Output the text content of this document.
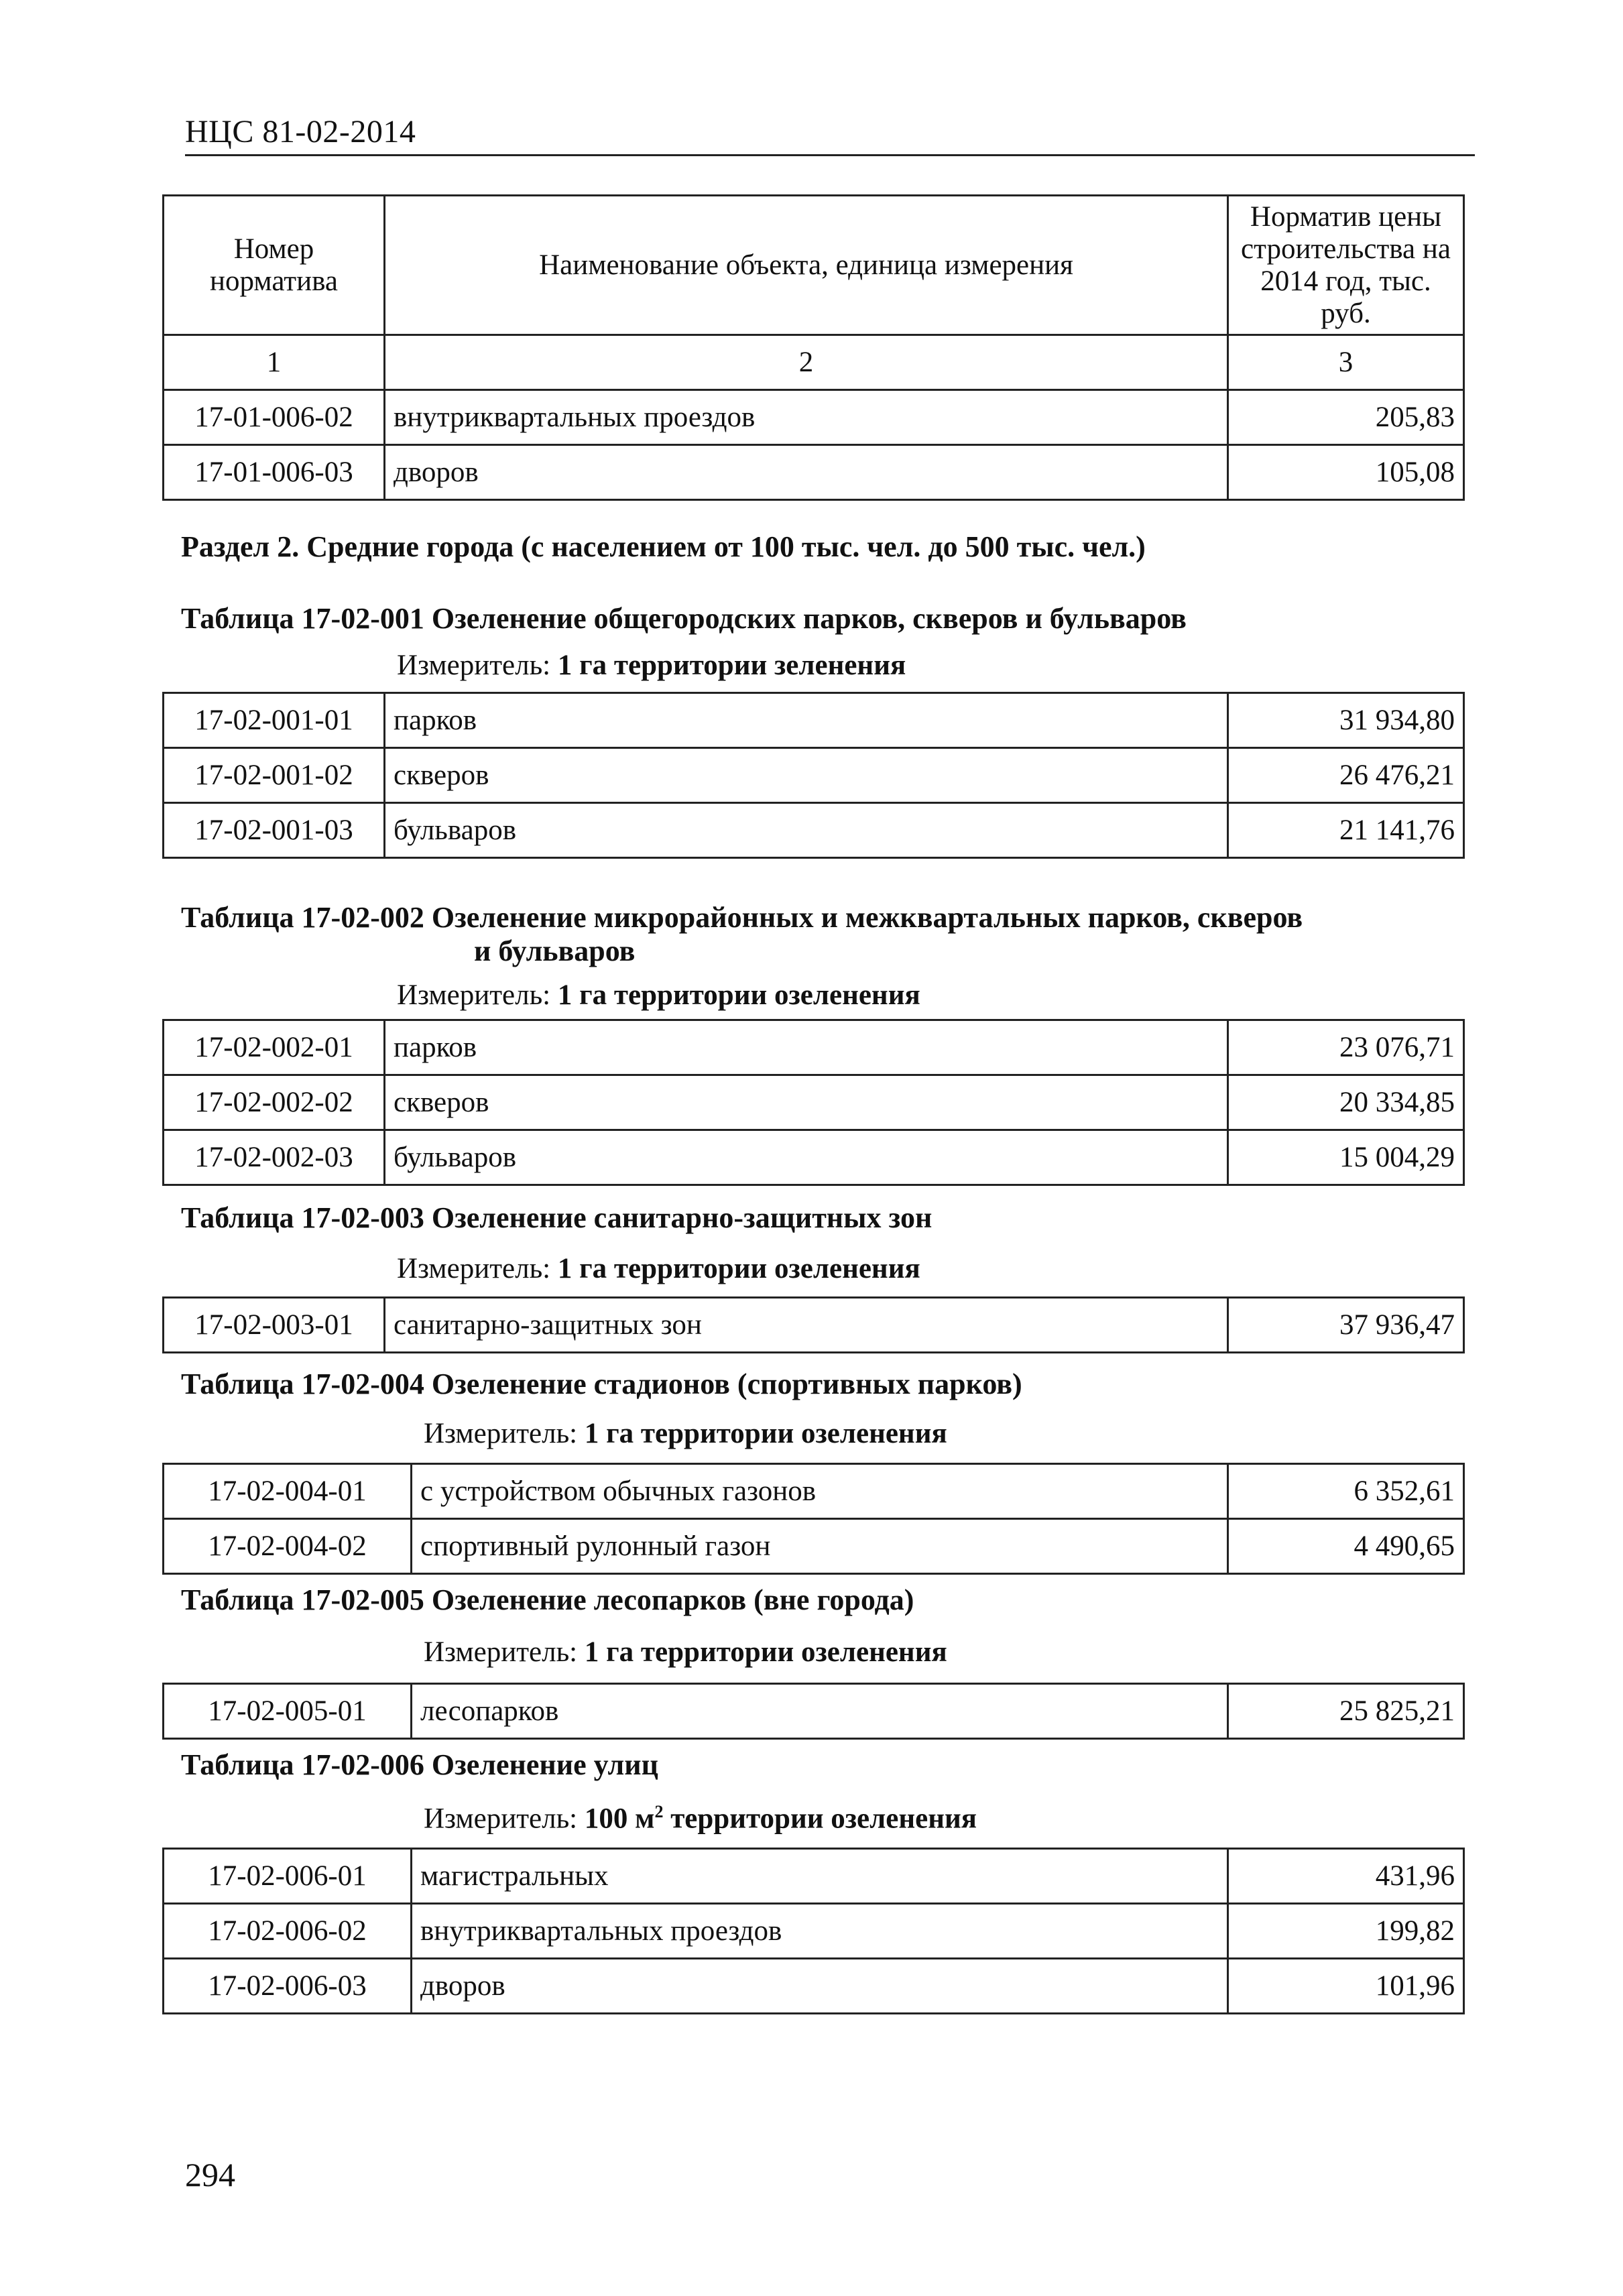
НЦС 81-02-2014
Номер норматива	Наименование объекта, единица измерения	Норматив цены строительства на 2014 год, тыс. руб.
1	2	3
17-01-006-02	внутриквартальных проездов	205,83
17-01-006-03	дворов	105,08
Раздел 2. Средние города (с населением от 100 тыс. чел. до 500 тыс. чел.)
Таблица 17-02-001 Озеленение общегородских парков, скверов и бульваров
Измеритель: 1 га территории зеленения
17-02-001-01	парков	31 934,80
17-02-001-02	скверов	26 476,21
17-02-001-03	бульваров	21 141,76
Таблица 17-02-002 Озеленение микрорайонных и межквартальных парков, скверов
и бульваров
Измеритель: 1 га территории озеленения
17-02-002-01	парков	23 076,71
17-02-002-02	скверов	20 334,85
17-02-002-03	бульваров	15 004,29
Таблица 17-02-003 Озеленение санитарно-защитных зон
Измеритель: 1 га территории озеленения
17-02-003-01	санитарно-защитных зон	37 936,47
Таблица 17-02-004 Озеленение стадионов (спортивных парков)
Измеритель: 1 га территории озеленения
17-02-004-01	с устройством обычных газонов	6 352,61
17-02-004-02	спортивный рулонный газон	4 490,65
Таблица 17-02-005 Озеленение лесопарков (вне города)
Измеритель: 1 га территории озеленения
17-02-005-01	лесопарков	25 825,21
Таблица 17-02-006 Озеленение улиц
Измеритель: 100 $м^2$ территории озеленения
17-02-006-01	магистральных	431,96
17-02-006-02	внутриквартальных проездов	199,82
17-02-006-03	дворов	101,96
294
